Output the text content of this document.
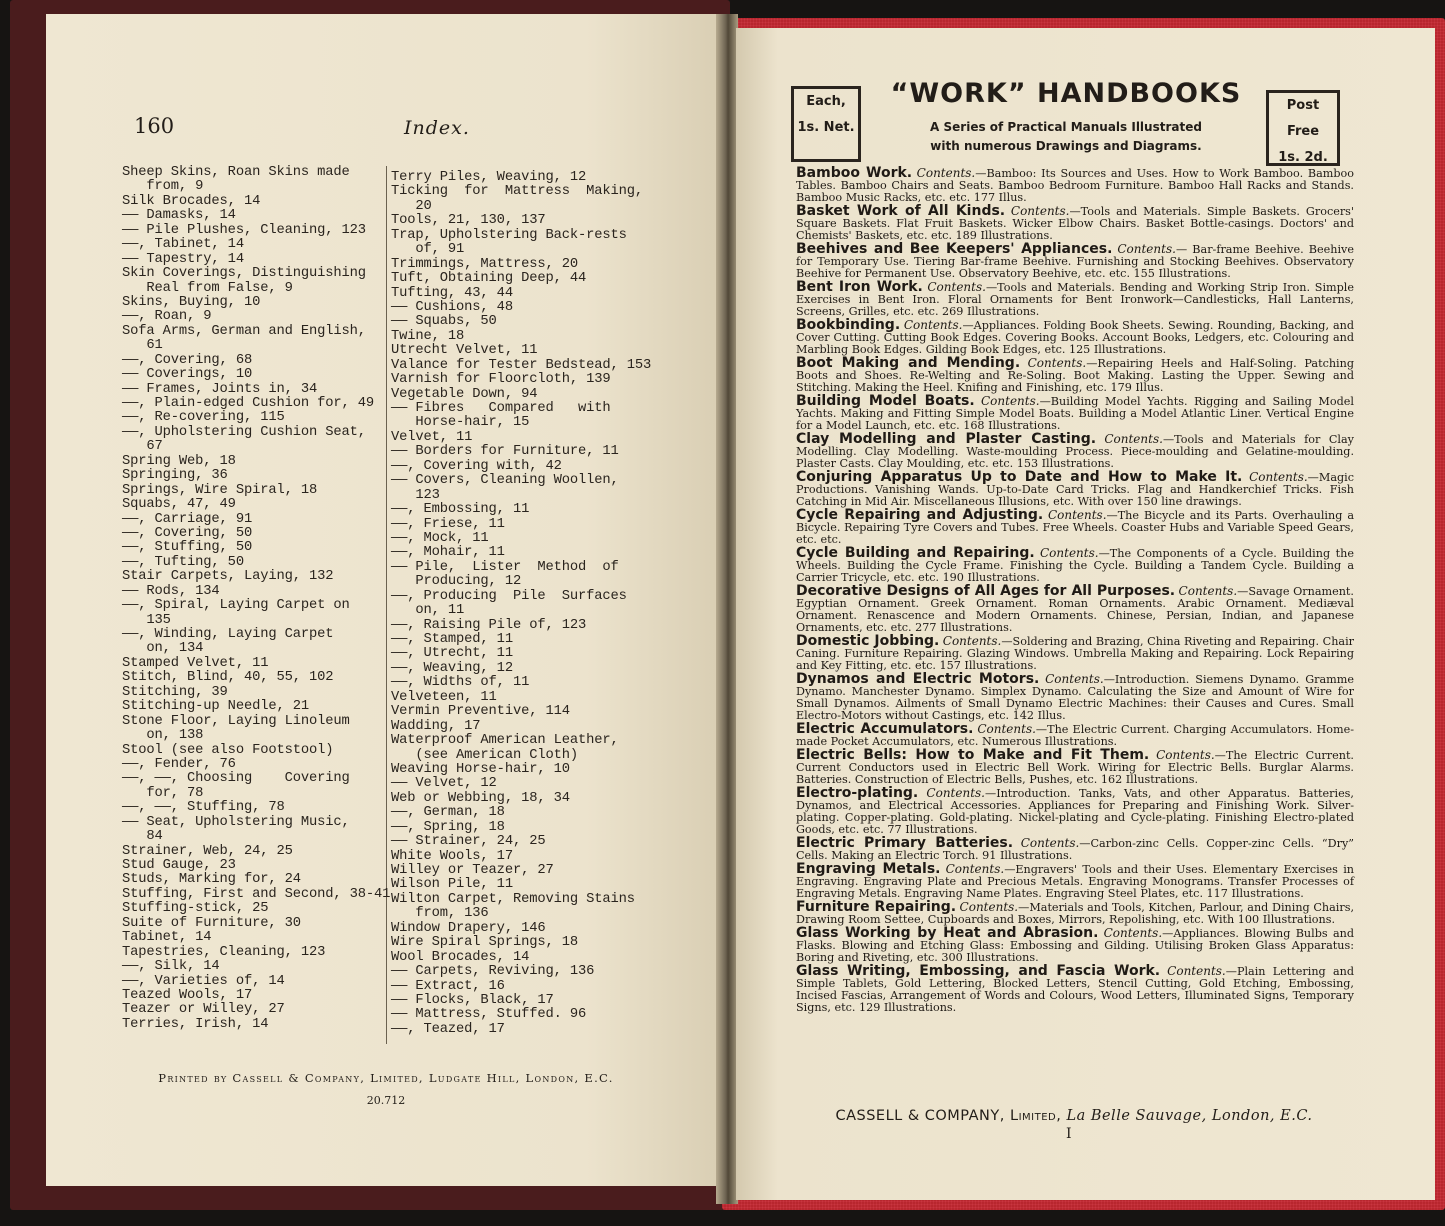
160	Index.
Sheep Skins, Roan Skins made
from, 9
Silk Brocades, 14
—— Damasks, 14
—— Pile Plushes, Cleaning, 123
——, Tabinet, 14
—— Tapestry, 14
Skin Coverings, Distinguishing
Real from False, 9
Skins, Buying, 10
——, Roan, 9
Sofa Arms, German and English,
61
——, Covering, 68
—— Coverings, 10
—— Frames, Joints in, 34
——, Plain-edged Cushion for, 49
——, Re-covering, 115
——, Upholstering Cushion Seat,
67
Spring Web, 18
Springing, 36
Springs, Wire Spiral, 18
Squabs, 47, 49
——, Carriage, 91
——, Covering, 50
——, Stuffing, 50
——, Tufting, 50
Stair Carpets, Laying, 132
—— Rods, 134
——, Spiral, Laying Carpet on
135
——, Winding, Laying Carpet
on, 134
Stamped Velvet, 11
Stitch, Blind, 40, 55, 102
Stitching, 39
Stitching-up Needle, 21
Stone Floor, Laying Linoleum
on, 138
Stool (see also Footstool)
——, Fender, 76
——, ——, Choosing    Covering
for, 78
——, ——, Stuffing, 78
—— Seat, Upholstering Music,
84
Strainer, Web, 24, 25
Stud Gauge, 23
Studs, Marking for, 24
Stuffing, First and Second, 38-41
Stuffing-stick, 25
Suite of Furniture, 30
Tabinet, 14
Tapestries, Cleaning, 123
——, Silk, 14
——, Varieties of, 14
Teazed Wools, 17
Teazer or Willey, 27
Terries, Irish, 14
Terry Piles, Weaving, 12
Ticking  for  Mattress  Making,
20
Tools, 21, 130, 137
Trap, Upholstering Back-rests
of, 91
Trimmings, Mattress, 20
Tuft, Obtaining Deep, 44
Tufting, 43, 44
—— Cushions, 48
—— Squabs, 50
Twine, 18
Utrecht Velvet, 11
Valance for Tester Bedstead, 153
Varnish for Floorcloth, 139
Vegetable Down, 94
—— Fibres   Compared   with
Horse-hair, 15
Velvet, 11
—— Borders for Furniture, 11
——, Covering with, 42
—— Covers, Cleaning Woollen,
123
——, Embossing, 11
——, Friese, 11
——, Mock, 11
——, Mohair, 11
—— Pile,  Lister  Method  of
Producing, 12
——, Producing  Pile  Surfaces
on, 11
——, Raising Pile of, 123
——, Stamped, 11
——, Utrecht, 11
——, Weaving, 12
——, Widths of, 11
Velveteen, 11
Vermin Preventive, 114
Wadding, 17
Waterproof American Leather,
(see American Cloth)
Weaving Horse-hair, 10
—— Velvet, 12
Web or Webbing, 18, 34
——, German, 18
——, Spring, 18
—— Strainer, 24, 25
White Wools, 17
Willey or Teazer, 27
Wilson Pile, 11
Wilton Carpet, Removing Stains
from, 136
Window Drapery, 146
Wire Spiral Springs, 18
Wool Brocades, 14
—— Carpets, Reviving, 136
—— Extract, 16
—— Flocks, Black, 17
—— Mattress, Stuffed. 96
——, Teazed, 17
Printed by Cassell & Company, Limited, Ludgate Hill, London, E.C.
20.712
Each,
1s. Net.
“WORK” HANDBOOKS
A Series of Practical Manuals Illustrated
with numerous Drawings and Diagrams.
Post Free
1s. 2d.
Bamboo Work. Contents.—Bamboo: Its Sources and Uses. How to Work Bamboo. Bamboo Tables. Bamboo Chairs and Seats. Bamboo Bedroom Furniture. Bamboo Hall Racks and Stands. Bamboo Music Racks, etc. etc. 177 Illus.
Basket Work of All Kinds. Contents.—Tools and Materials. Simple Baskets. Grocers' Square Baskets. Flat Fruit Baskets. Wicker Elbow Chairs. Basket Bottle-casings. Doctors' and Chemists' Baskets, etc. etc. 189 Illustrations.
Beehives and Bee Keepers' Appliances. Contents.— Bar-frame Beehive. Beehive for Temporary Use. Tiering Bar-frame Beehive. Furnishing and Stocking Beehives. Observatory Beehive for Permanent Use. Observatory Beehive, etc. etc. 155 Illustrations.
Bent Iron Work. Contents.—Tools and Materials. Bending and Working Strip Iron. Simple Exercises in Bent Iron. Floral Ornaments for Bent Ironwork—Candlesticks, Hall Lanterns, Screens, Grilles, etc. etc. 269 Illustrations.
Bookbinding. Contents.—Appliances. Folding Book Sheets. Sewing. Rounding, Backing, and Cover Cutting. Cutting Book Edges. Covering Books. Account Books, Ledgers, etc. Colouring and Marbling Book Edges. Gilding Book Edges, etc. 125 Illustrations.
Boot Making and Mending. Contents.—Repairing Heels and Half-Soling. Patching Boots and Shoes. Re-Welting and Re-Soling. Boot Making. Lasting the Upper. Sewing and Stitching. Making the Heel. Knifing and Finishing, etc. 179 Illus.
Building Model Boats. Contents.—Building Model Yachts. Rigging and Sailing Model Yachts. Making and Fitting Simple Model Boats. Building a Model Atlantic Liner. Vertical Engine for a Model Launch, etc. etc. 168 Illustrations.
Clay Modelling and Plaster Casting. Contents.—Tools and Materials for Clay Modelling. Clay Modelling. Waste-moulding Process. Piece-moulding and Gelatine-moulding. Plaster Casts. Clay Moulding, etc. etc. 153 Illustrations.
Conjuring Apparatus Up to Date and How to Make It. Contents.—Magic Productions. Vanishing Wands. Up-to-Date Card Tricks. Flag and Handkerchief Tricks. Fish Catching in Mid Air. Miscellaneous Illusions, etc. With over 150 line drawings.
Cycle Repairing and Adjusting. Contents.—The Bicycle and its Parts. Overhauling a Bicycle. Repairing Tyre Covers and Tubes. Free Wheels. Coaster Hubs and Variable Speed Gears, etc. etc.
Cycle Building and Repairing. Contents.—The Components of a Cycle. Building the Wheels. Building the Cycle Frame. Finishing the Cycle. Building a Tandem Cycle. Building a Carrier Tricycle, etc. etc. 190 Illustrations.
Decorative Designs of All Ages for All Purposes. Contents.—Savage Ornament. Egyptian Ornament. Greek Ornament. Roman Ornaments. Arabic Ornament. Mediæval Ornament. Renascence and Modern Ornaments. Chinese, Persian, Indian, and Japanese Ornaments, etc. etc. 277 Illustrations.
Domestic Jobbing. Contents.—Soldering and Brazing, China Riveting and Repairing. Chair Caning. Furniture Repairing. Glazing Windows. Umbrella Making and Repairing. Lock Repairing and Key Fitting, etc. etc. 157 Illustrations.
Dynamos and Electric Motors. Contents.—Introduction. Siemens Dynamo. Gramme Dynamo. Manchester Dynamo. Simplex Dynamo. Calculating the Size and Amount of Wire for Small Dynamos. Ailments of Small Dynamo Electric Machines: their Causes and Cures. Small Electro-Motors without Castings, etc. 142 Illus.
Electric Accumulators. Contents.—The Electric Current. Charging Accumulators. Home-made Pocket Accumulators, etc. Numerous Illustrations.
Electric Bells: How to Make and Fit Them. Contents.—The Electric Current. Current Conductors used in Electric Bell Work. Wiring for Electric Bells. Burglar Alarms. Batteries. Construction of Electric Bells, Pushes, etc. 162 Illustrations.
Electro-plating. Contents.—Introduction. Tanks, Vats, and other Apparatus. Batteries, Dynamos, and Electrical Accessories. Appliances for Preparing and Finishing Work. Silver-plating. Copper-plating. Gold-plating. Nickel-plating and Cycle-plating. Finishing Electro-plated Goods, etc. etc. 77 Illustrations.
Electric Primary Batteries. Contents.—Carbon-zinc Cells. Copper-zinc Cells. “Dry” Cells. Making an Electric Torch. 91 Illustrations.
Engraving Metals. Contents.—Engravers' Tools and their Uses. Elementary Exercises in Engraving. Engraving Plate and Precious Metals. Engraving Monograms. Transfer Processes of Engraving Metals. Engraving Name Plates. Engraving Steel Plates, etc. 117 Illustrations.
Furniture Repairing. Contents.—Materials and Tools, Kitchen, Parlour, and Dining Chairs, Drawing Room Settee, Cupboards and Boxes, Mirrors, Repolishing, etc. With 100 Illustrations.
Glass Working by Heat and Abrasion. Contents.—Appliances. Blowing Bulbs and Flasks. Blowing and Etching Glass: Embossing and Gilding. Utilising Broken Glass Apparatus: Boring and Riveting, etc. 300 Illustrations.
Glass Writing, Embossing, and Fascia Work. Contents.—Plain Lettering and Simple Tablets, Gold Lettering, Blocked Letters, Stencil Cutting, Gold Etching, Embossing, Incised Fascias, Arrangement of Words and Colours, Wood Letters, Illuminated Signs, Temporary Signs, etc. 129 Illustrations.
CASSELL & COMPANY, Limited, La Belle Sauvage, London, E.C.
I
